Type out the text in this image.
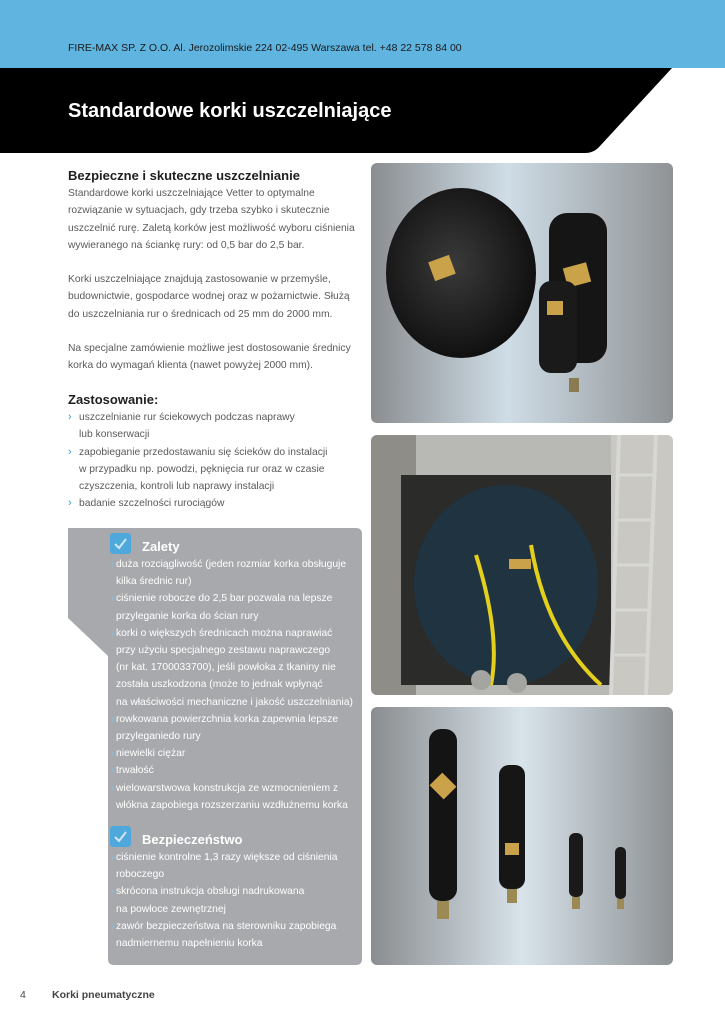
FIRE-MAX SP. Z O.O. Al. Jerozolimskie 224 02-495 Warszawa tel. +48 22 578 84 00
Standardowe korki uszczelniające
Bezpieczne i skuteczne uszczelnianie
Standardowe korki uszczelniające Vetter to optymalne
rozwiązanie w sytuacjach, gdy trzeba szybko i skutecznie
uszczelnić rurę. Zaletą korków jest możliwość wyboru ciśnienia
wywieranego na ściankę rury: od 0,5 bar do 2,5 bar.
Korki uszczelniające znajdują zastosowanie w przemyśle,
budownictwie, gospodarce wodnej oraz w pożarnictwie. Służą
do uszczelniania rur o średnicach od 25 mm do 2000 mm.
Na specjalne zamówienie możliwe jest dostosowanie średnicy
korka do wymagań klienta (nawet powyżej 2000 mm).
Zastosowanie:
› uszczelnianie rur ściekowych podczas naprawy
lub konserwacji
› zapobieganie przedostawaniu się ścieków do instalacji
w przypadku np. powodzi, pęknięcia rur oraz w czasie
czyszczenia, kontroli lub naprawy instalacji
› badanie szczelności rurociągów
Zalety
› duża rozciągliwość (jeden rozmiar korka obsługuje
kilka średnic rur)
› ciśnienie robocze do 2,5 bar pozwala na lepsze
przyleganie korka do ścian rury
› korki o większych średnicach można naprawiać
przy użyciu specjalnego zestawu naprawczego
(nr kat. 1700033700), jeśli powłoka z tkaniny nie
została uszkodzona (może to jednak wpłynąć
na właściwości mechaniczne i jakość uszczelniania)
› rowkowana powierzchnia korka zapewnia lepsze
przyleganiedo rury
› niewielki ciężar
› trwałość
› wielowarstwowa konstrukcja ze wzmocnieniem z
włókna zapobiega rozszerzaniu wzdłużnemu korka
Bezpieczeństwo
› ciśnienie kontrolne 1,3 razy większe od ciśnienia
roboczego
› skrócona instrukcja obsługi nadrukowana
na powłoce zewnętrznej
› zawór bezpieczeństwa na sterowniku zapobiega
nadmiernemu napełnieniu korka
4 Korki pneumatyczne
